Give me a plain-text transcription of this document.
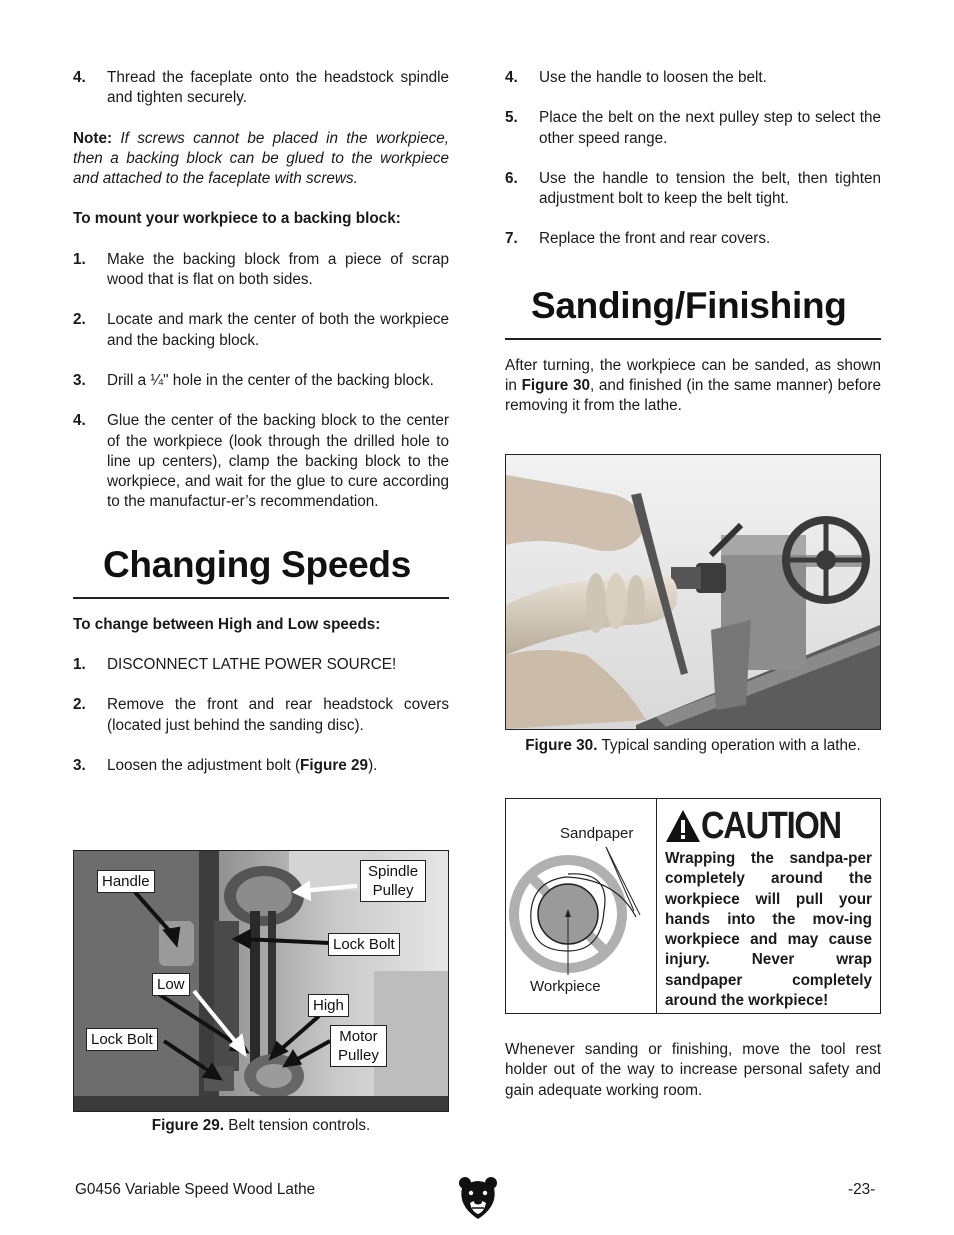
4.	Thread the faceplate onto the headstock spindle and tighten securely.

Note: If screws cannot be placed in the workpiece, then a backing block can be glued to the workpiece and attached to the faceplate with screws.

To mount your workpiece to a backing block:

1.	Make the backing block from a piece of scrap wood that is flat on both sides.
2.	Locate and mark the center of both the workpiece and the backing block.
3.	Drill a ¼" hole in the center of the backing block.
4.	Glue the center of the backing block to the center of the workpiece (look through the drilled hole to line up centers), clamp the backing block to the workpiece, and wait for the glue to cure according to the manufactur-er’s recommendation.
Changing Speeds

To change between High and Low speeds:

1.	DISCONNECT LATHE POWER SOURCE!
2.	Remove the front and rear headstock covers (located just behind the sanding disc).
3.	Loosen the adjustment bolt (Figure 29).
Handle
Spindle
Pulley
Lock Bolt
Low
High
Lock Bolt	Motor
Pulley
Figure 29. Belt tension controls.
4.	Use the handle to loosen the belt.
5.	Place the belt on the next pulley step to select the other speed range.
6.	Use the handle to tension the belt, then tighten adjustment bolt to keep the belt tight.
7.	Replace the front and rear covers.
Sanding/Finishing

After turning, the workpiece can be sanded, as shown in Figure 30, and finished (in the same manner) before removing it from the lathe.

Figure 30. Typical sanding operation with a lathe.
Sandpaper
Workpiece
CAUTION
Wrapping the sandpa-per completely around the workpiece will pull your hands into the mov-ing workpiece and may cause injury. Never wrap sandpaper completely around the workpiece!

Whenever sanding or finishing, move the tool rest holder out of the way to increase personal safety and gain adequate working room.

G0456 Variable Speed Wood Lathe	-23-
